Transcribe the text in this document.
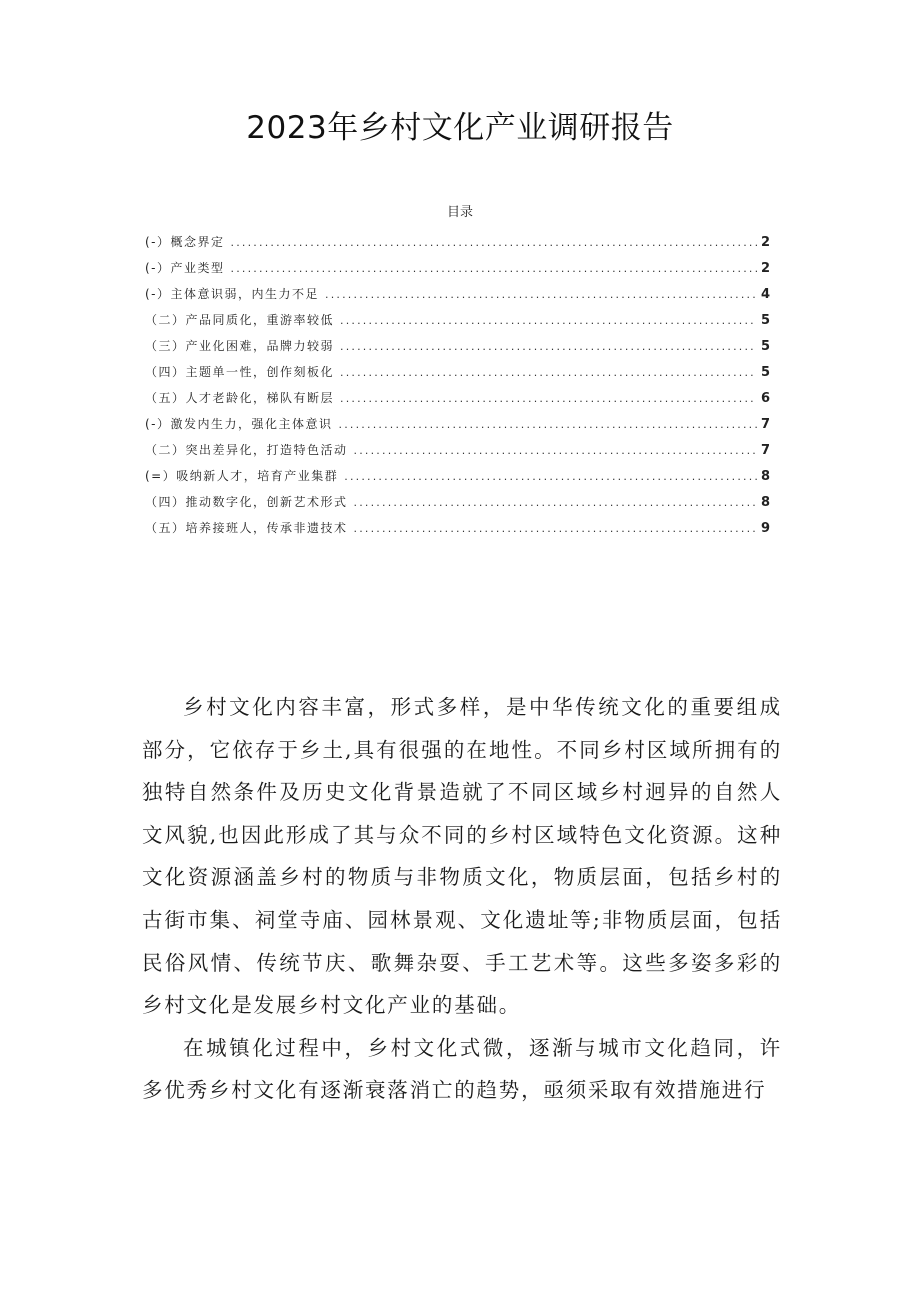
2023年乡村文化产业调研报告
目录
(-）概念界定 .....	2
(-）产业类型 .....	2
(-）主体意识弱，内生力不足 .....	4
（二）产品同质化，重游率较低 .....	5
（三）产业化困难，品牌力较弱 .....	5
（四）主题单一性，创作刻板化 .....	5
（五）人才老龄化，梯队有断层 .....	6
(-）激发内生力，强化主体意识 .....	7
（二）突出差异化，打造特色活动 .....	7
(=）吸纳新人才，培育产业集群 .....	8
（四）推动数字化，创新艺术形式 .....	8
（五）培养接班人，传承非遗技术 .....	9

乡村文化内容丰富，形式多样，是中华传统文化的重要组成部分，它依存于乡土,具有很强的在地性。不同乡村区域所拥有的独特自然条件及历史文化背景造就了不同区域乡村迥异的自然人文风貌,也因此形成了其与众不同的乡村区域特色文化资源。这种文化资源涵盖乡村的物质与非物质文化，物质层面，包括乡村的古街市集、祠堂寺庙、园林景观、文化遗址等;非物质层面，包括民俗风情、传统节庆、歌舞杂耍、手工艺术等。这些多姿多彩的乡村文化是发展乡村文化产业的基础。

在城镇化过程中，乡村文化式微，逐渐与城市文化趋同，许多优秀乡村文化有逐渐衰落消亡的趋势，亟须采取有效措施进行
